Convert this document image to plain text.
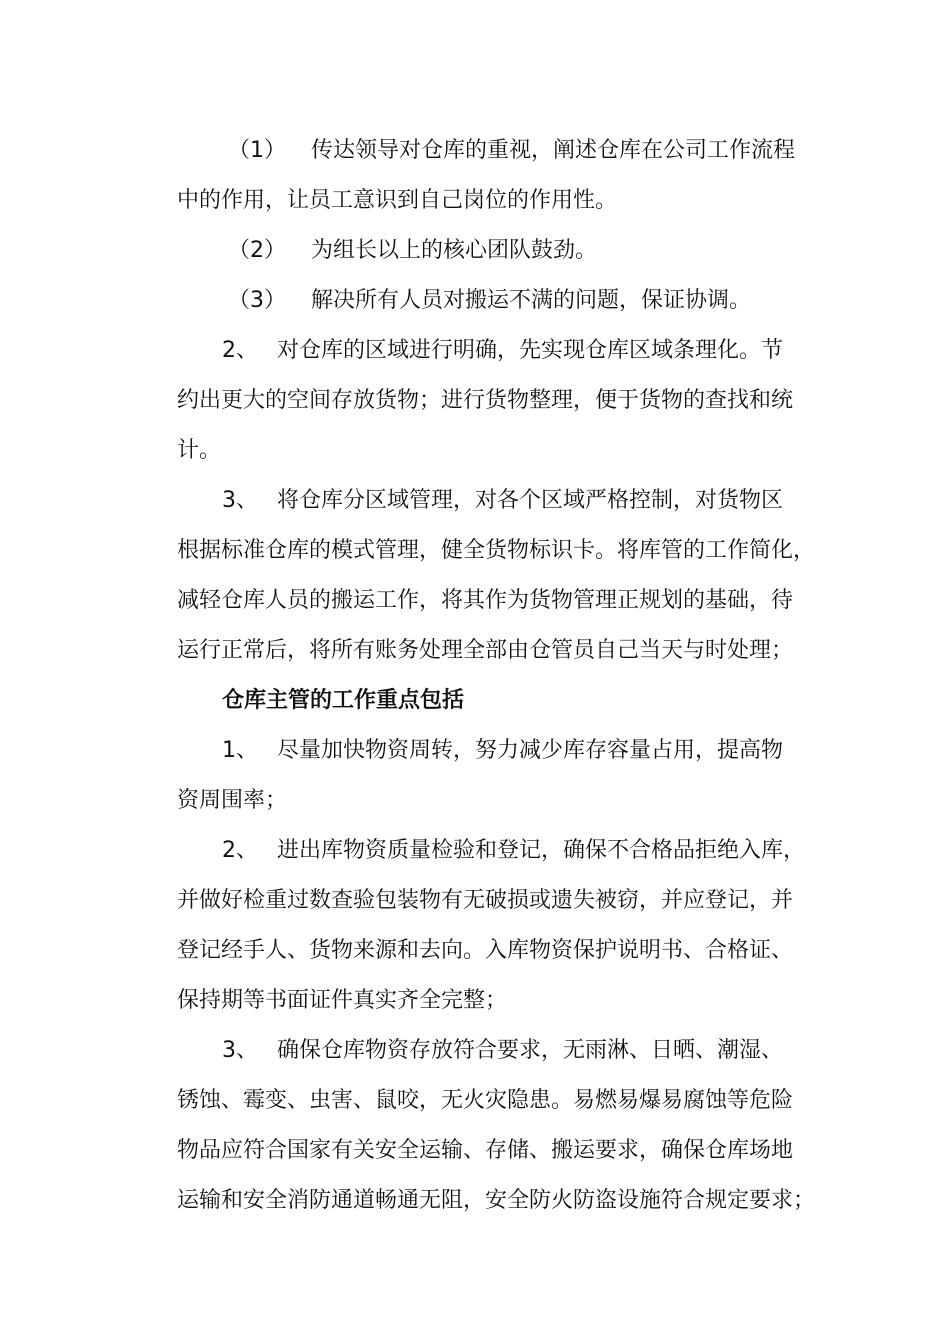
（1） 传达领导对仓库的重视，阐述仓库在公司工作流程
中的作用，让员工意识到自己岗位的作用性。
（2） 为组长以上的核心团队鼓劲。
（3） 解决所有人员对搬运不满的问题，保证协调。
2、 对仓库的区域进行明确，先实现仓库区域条理化。节
约出更大的空间存放货物；进行货物整理，便于货物的查找和统
计。
3、 将仓库分区域管理，对各个区域严格控制，对货物区
根据标准仓库的模式管理，健全货物标识卡。将库管的工作简化，
减轻仓库人员的搬运工作，将其作为货物管理正规划的基础，待
运行正常后，将所有账务处理全部由仓管员自己当天与时处理；
仓库主管的工作重点包括
1、 尽量加快物资周转，努力减少库存容量占用，提高物
资周围率；
2、 进出库物资质量检验和登记，确保不合格品拒绝入库，
并做好检重过数查验包装物有无破损或遗失被窃，并应登记，并
登记经手人、货物来源和去向。入库物资保护说明书、合格证、
保持期等书面证件真实齐全完整；
3、 确保仓库物资存放符合要求，无雨淋、日晒、潮湿、
锈蚀、霉变、虫害、鼠咬，无火灾隐患。易燃易爆易腐蚀等危险
物品应符合国家有关安全运输、存储、搬运要求，确保仓库场地
运输和安全消防通道畅通无阻，安全防火防盗设施符合规定要求；
